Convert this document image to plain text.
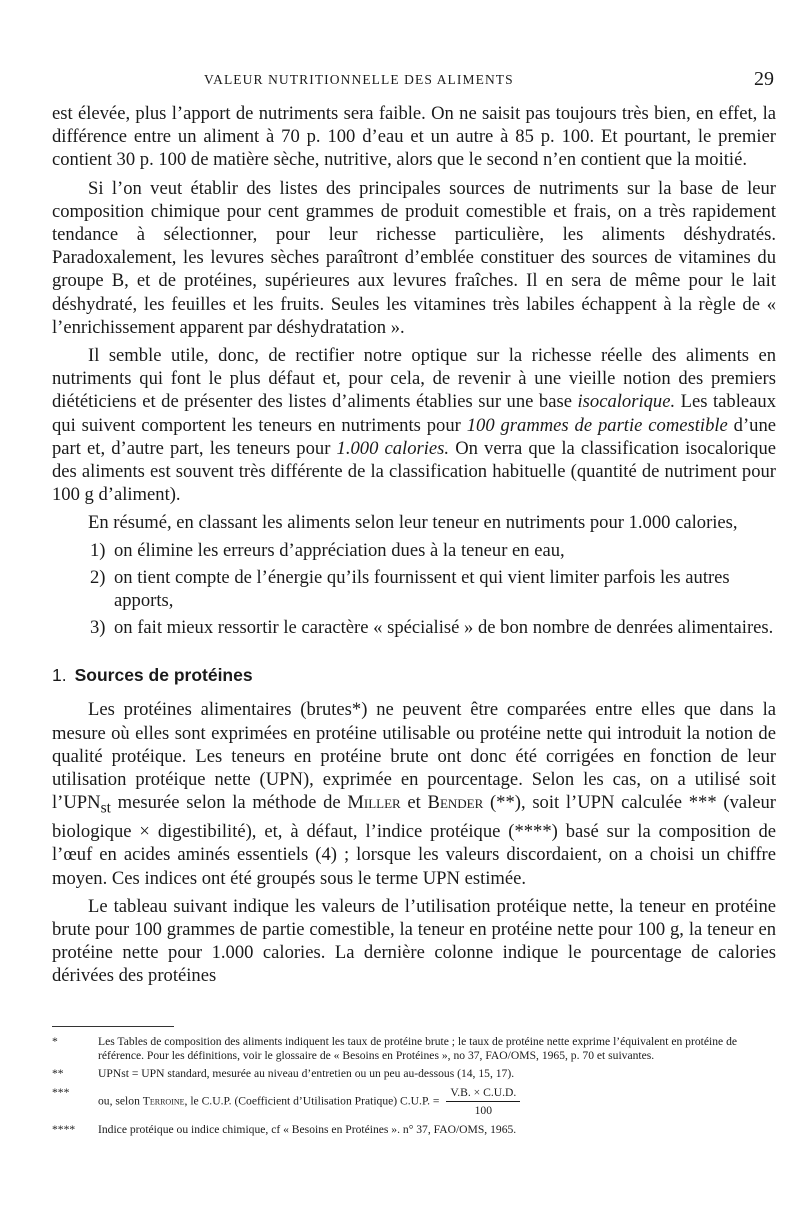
VALEUR NUTRITIONNELLE DES ALIMENTS	29

est élevée, plus l’apport de nutriments sera faible. On ne saisit pas toujours très bien, en effet, la différence entre un aliment à 70 p. 100 d’eau et un autre à 85 p. 100. Et pourtant, le premier contient 30 p. 100 de matière sèche, nutritive, alors que le second n’en contient que la moitié.

Si l’on veut établir des listes des principales sources de nutriments sur la base de leur composition chimique pour cent grammes de produit comestible et frais, on a très rapidement tendance à sélectionner, pour leur richesse particulière, les aliments déshydratés. Paradoxalement, les levures sèches paraîtront d’emblée constituer des sources de vitamines du groupe B, et de protéines, supérieures aux levures fraîches. Il en sera de même pour le lait déshydraté, les feuilles et les fruits. Seules les vitamines très labiles échappent à la règle de « l’enrichissement apparent par déshydratation ».

Il semble utile, donc, de rectifier notre optique sur la richesse réelle des aliments en nutriments qui font le plus défaut et, pour cela, de revenir à une vieille notion des premiers diététiciens et de présenter des listes d’aliments établies sur une base isocalorique. Les tableaux qui suivent comportent les teneurs en nutriments pour 100 grammes de partie comestible d’une part et, d’autre part, les teneurs pour 1.000 calories. On verra que la classification isocalorique des aliments est souvent très différente de la classification habituelle (quantité de nutriment pour 100 g d’aliment).

En résumé, en classant les aliments selon leur teneur en nutriments pour 1.000 calories,

1) on élimine les erreurs d’appréciation dues à la teneur en eau,
2) on tient compte de l’énergie qu’ils fournissent et qui vient limiter parfois les autres apports,
3) on fait mieux ressortir le caractère « spécialisé » de bon nombre de denrées alimentaires.
1. Sources de protéines

Les protéines alimentaires (brutes*) ne peuvent être comparées entre elles que dans la mesure où elles sont exprimées en protéine utilisable ou protéine nette qui introduit la notion de qualité protéique. Les teneurs en protéine brute ont donc été corrigées en fonction de leur utilisation protéique nette (UPN), exprimée en pourcentage. Selon les cas, on a utilisé soit $l’UPN_{st}$ mesurée selon la méthode de Miller et Bender (**), soit l’UPN calculée *** (valeur biologique × digestibilité), et, à défaut, l’indice protéique (****) basé sur la composition de l’œuf en acides aminés essentiels (4) ; lorsque les valeurs discordaient, on a choisi un chiffre moyen. Ces indices ont été groupés sous le terme UPN estimée.

Le tableau suivant indique les valeurs de l’utilisation protéique nette, la teneur en protéine brute pour 100 grammes de partie comestible, la teneur en protéine nette pour 100 g, la teneur en protéine nette pour 1.000 calories. La dernière colonne indique le pourcentage de calories dérivées des protéines

*	Les Tables de composition des aliments indiquent les taux de protéine brute ; le taux de protéine nette exprime l’équivalent en protéine de référence. Pour les définitions, voir le glossaire de « Besoins en Protéines », no 37, FAO/OMS, 1965, p. 70 et suivantes.
**	UPNst = UPN standard, mesurée au niveau d’entretien ou un peu au-dessous (14, 15, 17).
***
ou, selon Terroine, le C.U.P. (Coefficient d’Utilisation Pratique) C.U.P. = $\frac{V.B. \times C.U.D.}{100}$
**** Indice protéique ou indice chimique, cf « Besoins en Protéines ». n° 37, FAO/OMS, 1965.
